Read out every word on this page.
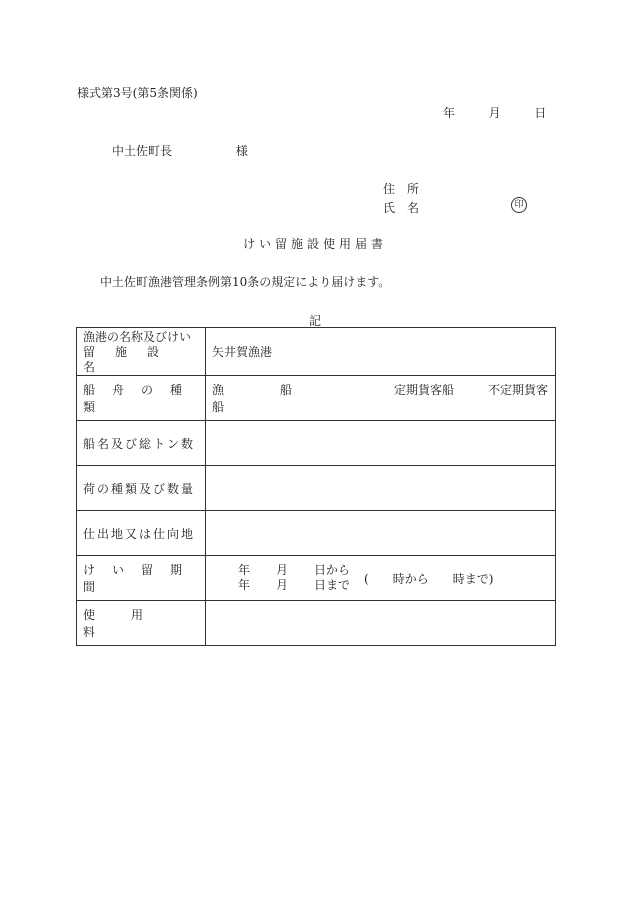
様式第3号(第5条関係)
年	月	日
中土佐町長	様
住　所
氏　名	印
けい留施設使用届書
中土佐町漁港管理条例第10条の規定により届けます。
記
漁港の名称及びけい
留施設名	矢井賀漁港

船舟の種類	漁 船 定期貨客船 不定期貨客船

船名及び総トン数	

荷の種類及び数量	

仕出地又は仕向地	

けい留期間	年 月 日から
年 月 日まで (　　時から　　時まで)

使用料	
